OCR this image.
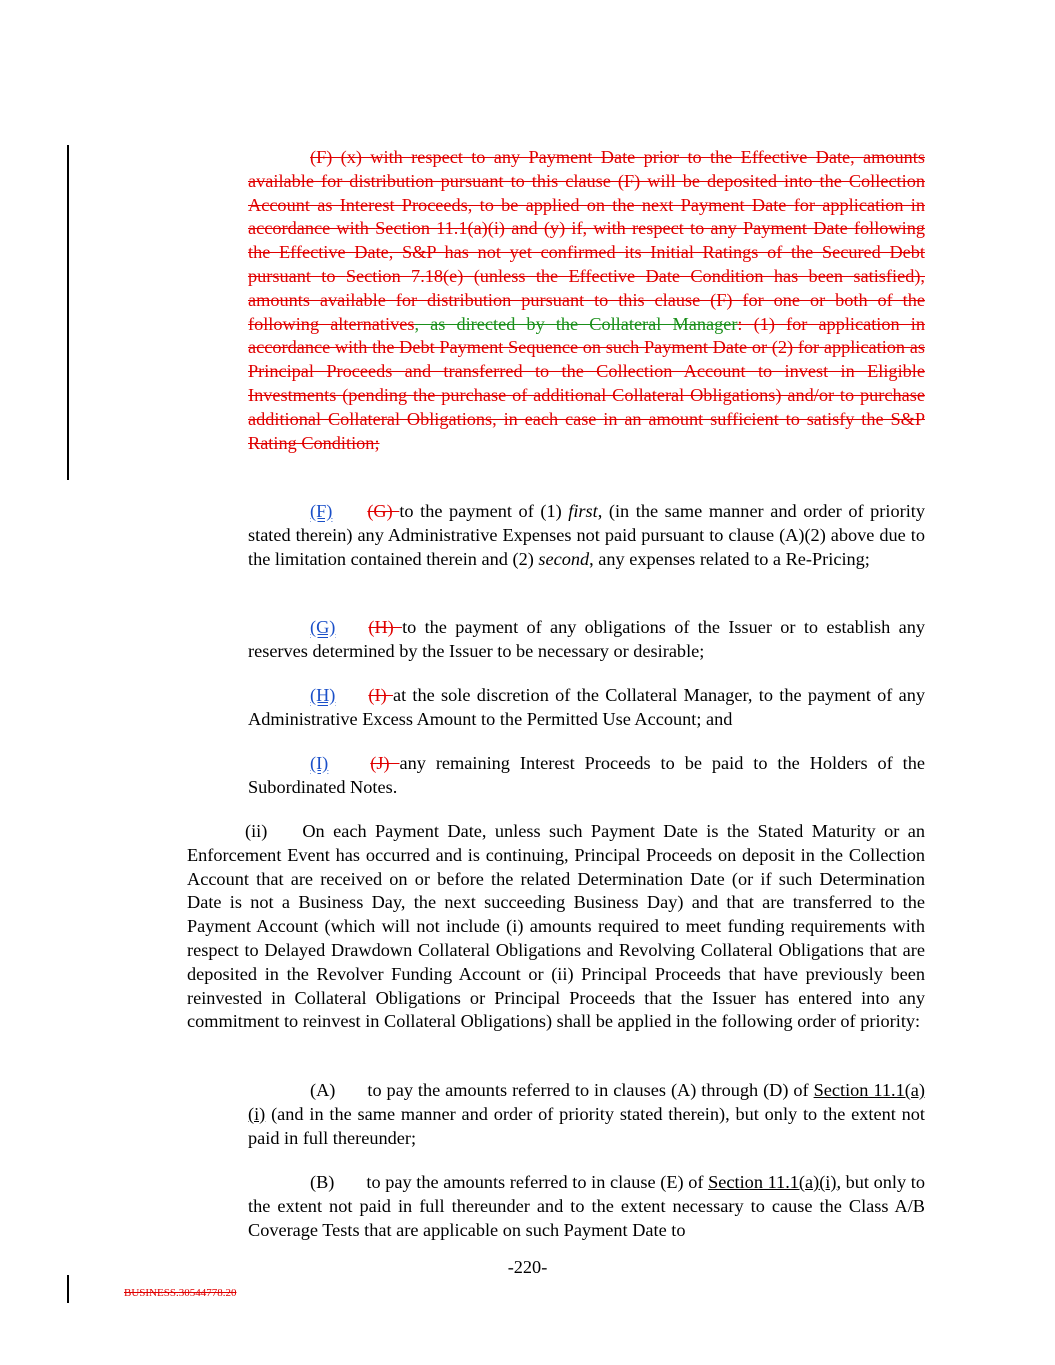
(F) (x) with respect to any Payment Date prior to the Effective Date, amounts available for distribution pursuant to this clause (F) will be deposited into the Collection Account as Interest Proceeds, to be applied on the next Payment Date for application in accordance with Section 11.1(a)(i) and (y) if, with respect to any Payment Date following the Effective Date, S&P has not yet confirmed its Initial Ratings of the Secured Debt pursuant to Section 7.18(e) (unless the Effective Date Condition has been satisfied), amounts available for distribution pursuant to this clause (F) for one or both of the following alternatives, as directed by the Collateral Manager: (1) for application in accordance with the Debt Payment Sequence on such Payment Date or (2) for application as Principal Proceeds and transferred to the Collection Account to invest in Eligible Investments (pending the purchase of additional Collateral Obligations) and/or to purchase additional Collateral Obligations, in each case in an amount sufficient to satisfy the S&P Rating Condition;

(F) (G) to the payment of (1) first, (in the same manner and order of priority stated therein) any Administrative Expenses not paid pursuant to clause (A)(2) above due to the limitation contained therein and (2) second, any expenses related to a Re-Pricing;

(G) (H) to the payment of any obligations of the Issuer or to establish any reserves determined by the Issuer to be necessary or desirable;

(H) (I) at the sole discretion of the Collateral Manager, to the payment of any Administrative Excess Amount to the Permitted Use Account; and

(I) (J) any remaining Interest Proceeds to be paid to the Holders of the Subordinated Notes.

(ii) On each Payment Date, unless such Payment Date is the Stated Maturity or an Enforcement Event has occurred and is continuing, Principal Proceeds on deposit in the Collection Account that are received on or before the related Determination Date (or if such Determination Date is not a Business Day, the next succeeding Business Day) and that are transferred to the Payment Account (which will not include (i) amounts required to meet funding requirements with respect to Delayed Drawdown Collateral Obligations and Revolving Collateral Obligations that are deposited in the Revolver Funding Account or (ii) Principal Proceeds that have previously been reinvested in Collateral Obligations or Principal Proceeds that the Issuer has entered into any commitment to reinvest in Collateral Obligations) shall be applied in the following order of priority:

(A) to pay the amounts referred to in clauses (A) through (D) of Section 11.1(a)(i) (and in the same manner and order of priority stated therein), but only to the extent not paid in full thereunder;

(B) to pay the amounts referred to in clause (E) of Section 11.1(a)(i), but only to the extent not paid in full thereunder and to the extent necessary to cause the Class A/B Coverage Tests that are applicable on such Payment Date to

-220-
BUSINESS.30544778.20
